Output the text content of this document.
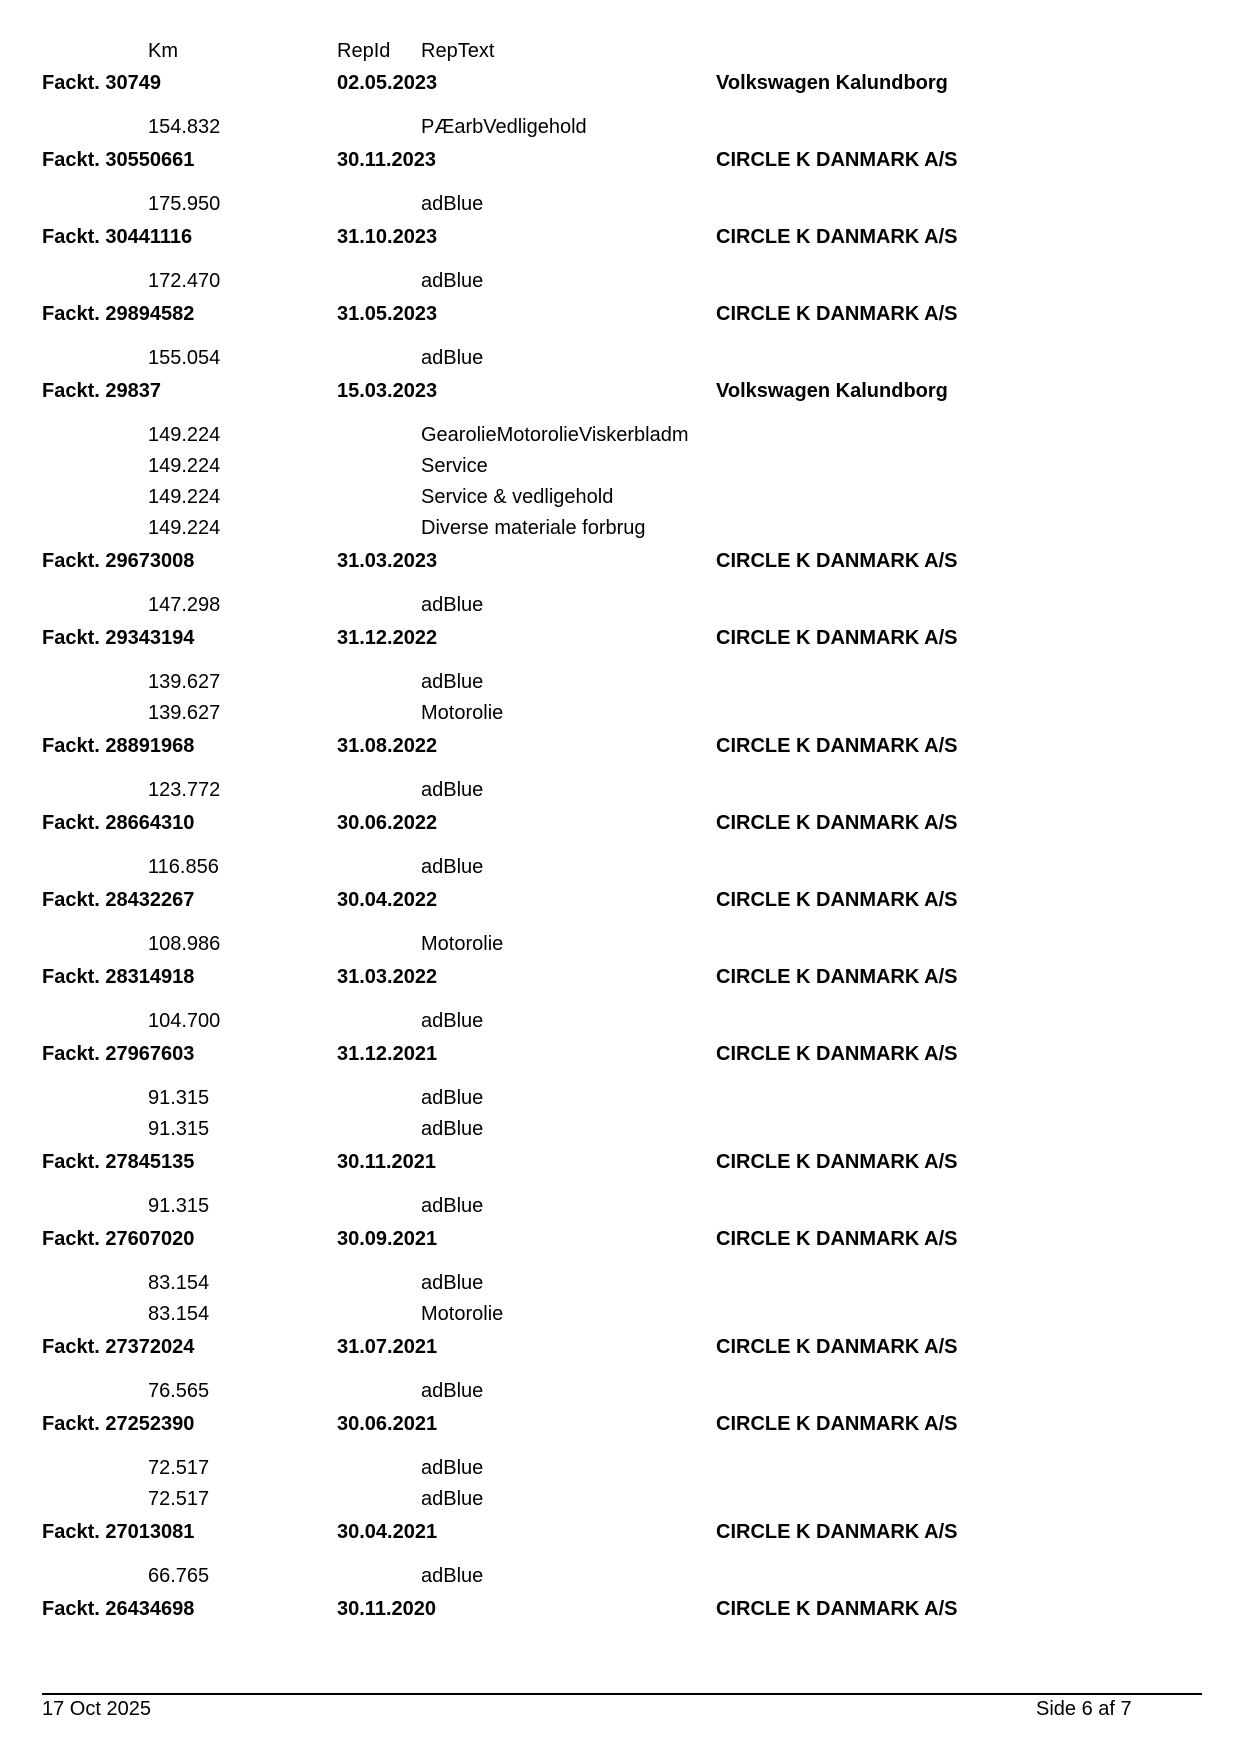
Km	RepId RepText
Fackt. 30749	02.05.2023	Volkswagen Kalundborg
154.832	PÆarbVedligehold
Fackt. 30550661	30.11.2023	CIRCLE K DANMARK A/S
175.950	adBlue
Fackt. 30441116	31.10.2023	CIRCLE K DANMARK A/S
172.470	adBlue
Fackt. 29894582	31.05.2023	CIRCLE K DANMARK A/S
155.054	adBlue
Fackt. 29837	15.03.2023	Volkswagen Kalundborg
149.224	GearolieMotorolieViskerbladm
149.224	Service
149.224	Service & vedligehold
149.224	Diverse materiale forbrug
Fackt. 29673008	31.03.2023	CIRCLE K DANMARK A/S
147.298	adBlue
Fackt. 29343194	31.12.2022	CIRCLE K DANMARK A/S
139.627	adBlue
139.627	Motorolie
Fackt. 28891968	31.08.2022	CIRCLE K DANMARK A/S
123.772	adBlue
Fackt. 28664310	30.06.2022	CIRCLE K DANMARK A/S
116.856	adBlue
Fackt. 28432267	30.04.2022	CIRCLE K DANMARK A/S
108.986	Motorolie
Fackt. 28314918	31.03.2022	CIRCLE K DANMARK A/S
104.700	adBlue
Fackt. 27967603	31.12.2021	CIRCLE K DANMARK A/S
91.315	adBlue
91.315	adBlue
Fackt. 27845135	30.11.2021	CIRCLE K DANMARK A/S
91.315	adBlue
Fackt. 27607020	30.09.2021	CIRCLE K DANMARK A/S
83.154	adBlue
83.154	Motorolie
Fackt. 27372024	31.07.2021	CIRCLE K DANMARK A/S
76.565	adBlue
Fackt. 27252390	30.06.2021	CIRCLE K DANMARK A/S
72.517	adBlue
72.517	adBlue
Fackt. 27013081	30.04.2021	CIRCLE K DANMARK A/S
66.765	adBlue
Fackt. 26434698	30.11.2020	CIRCLE K DANMARK A/S
17 Oct 2025	Side 6 af 7
